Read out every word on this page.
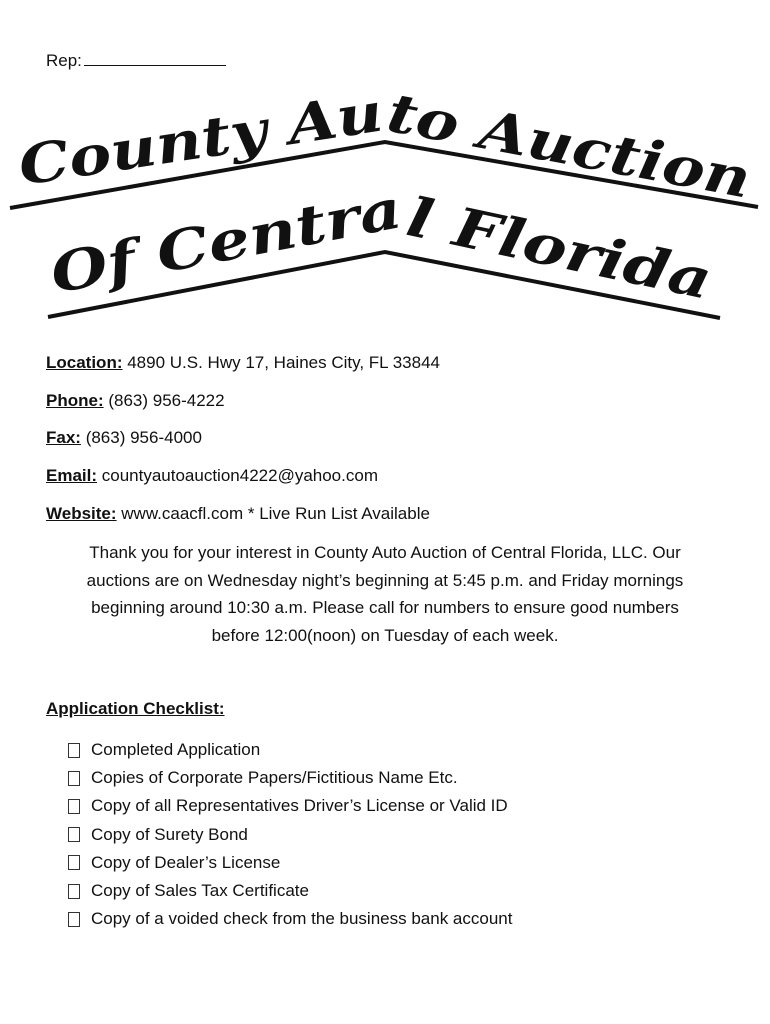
Rep:
County Auto Auction
Of Central Florida
Location: 4890 U.S. Hwy 17, Haines City, FL 33844
Phone: (863) 956-4222
Fax: (863) 956-4000
Email: countyautoauction4222@yahoo.com
Website: www.caacfl.com * Live Run List Available
Thank you for your interest in County Auto Auction of Central Florida, LLC. Our
auctions are on Wednesday night’s beginning at 5:45 p.m. and Friday mornings
beginning around 10:30 a.m. Please call for numbers to ensure good numbers
before 12:00(noon) on Tuesday of each week.
Application Checklist:
Completed Application
Copies of Corporate Papers/Fictitious Name Etc.
Copy of all Representatives Driver’s License or Valid ID
Copy of Surety Bond
Copy of Dealer’s License
Copy of Sales Tax Certificate
Copy of a voided check from the business bank account
